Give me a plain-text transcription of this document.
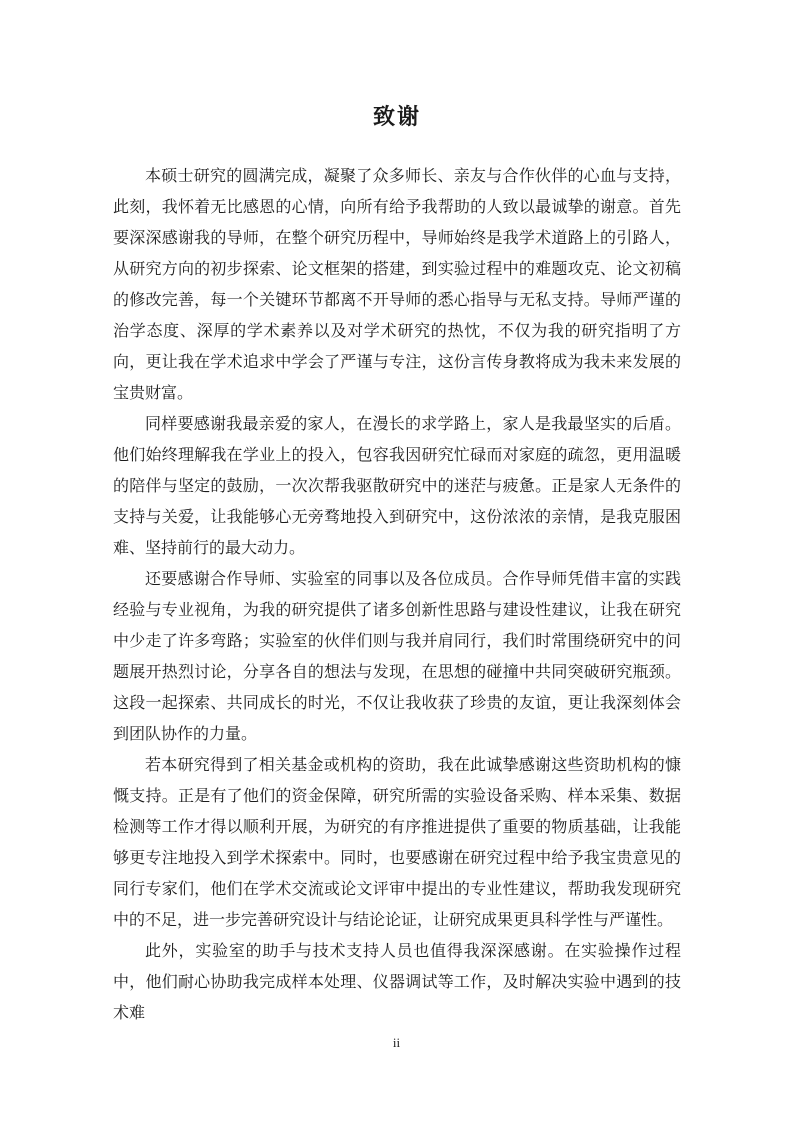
致谢

本硕士研究的圆满完成，凝聚了众多师长、亲友与合作伙伴的心血与支持，此刻，我怀着无比感恩的心情，向所有给予我帮助的人致以最诚挚的谢意。首先要深深感谢我的导师，在整个研究历程中，导师始终是我学术道路上的引路人，从研究方向的初步探索、论文框架的搭建，到实验过程中的难题攻克、论文初稿的修改完善，每一个关键环节都离不开导师的悉心指导与无私支持。导师严谨的治学态度、深厚的学术素养以及对学术研究的热忱，不仅为我的研究指明了方向，更让我在学术追求中学会了严谨与专注，这份言传身教将成为我未来发展的宝贵财富。

同样要感谢我最亲爱的家人，在漫长的求学路上，家人是我最坚实的后盾。他们始终理解我在学业上的投入，包容我因研究忙碌而对家庭的疏忽，更用温暖的陪伴与坚定的鼓励，一次次帮我驱散研究中的迷茫与疲惫。正是家人无条件的支持与关爱，让我能够心无旁骛地投入到研究中，这份浓浓的亲情，是我克服困难、坚持前行的最大动力。

还要感谢合作导师、实验室的同事以及各位成员。合作导师凭借丰富的实践经验与专业视角，为我的研究提供了诸多创新性思路与建设性建议，让我在研究中少走了许多弯路；实验室的伙伴们则与我并肩同行，我们时常围绕研究中的问题展开热烈讨论，分享各自的想法与发现，在思想的碰撞中共同突破研究瓶颈。这段一起探索、共同成长的时光，不仅让我收获了珍贵的友谊，更让我深刻体会到团队协作的力量。

若本研究得到了相关基金或机构的资助，我在此诚挚感谢这些资助机构的慷慨支持。正是有了他们的资金保障，研究所需的实验设备采购、样本采集、数据检测等工作才得以顺利开展，为研究的有序推进提供了重要的物质基础，让我能够更专注地投入到学术探索中。同时，也要感谢在研究过程中给予我宝贵意见的同行专家们，他们在学术交流或论文评审中提出的专业性建议，帮助我发现研究中的不足，进一步完善研究设计与结论论证，让研究成果更具科学性与严谨性。

此外，实验室的助手与技术支持人员也值得我深深感谢。在实验操作过程中，他们耐心协助我完成样本处理、仪器调试等工作，及时解决实验中遇到的技术难

ii
